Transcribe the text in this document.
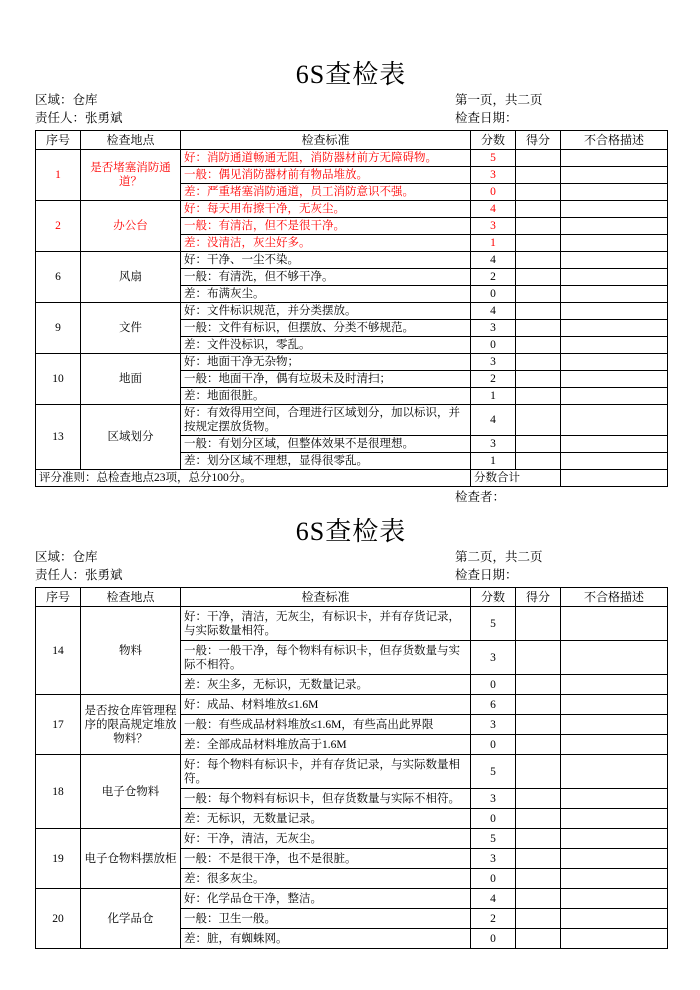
6S查检表
区域：仓库	第一页，共二页
责任人：张勇斌	检查日期：
序号	检查地点	检查标准	分数	得分	不合格描述
1	是否堵塞消防通道？	好：消防通道畅通无阻，消防器材前方无障碍物。	5		
		一般：偶见消防器材前有物品堆放。	3		
		差：严重堵塞消防通道，员工消防意识不强。	0		
2	办公台	好：每天用布擦干净，无灰尘。	4		
		一般：有清洁，但不是很干净。	3		
		差：没清洁，灰尘好多。	1		
6	风扇	好：干净、一尘不染。	4		
		一般：有清洗，但不够干净。	2		
		差：布满灰尘。	0		
9	文件	好：文件标识规范，并分类摆放。	4		
		一般：文件有标识，但摆放、分类不够规范。	3		
		差：文件没标识，零乱。	0		
10	地面	好：地面干净无杂物；	3		
		一般：地面干净，偶有垃圾未及时清扫；	2		
		差：地面很脏。	1		
13	区域划分	好：有效得用空间，合理进行区域划分，加以标识，并按规定摆放货物。	4		
		一般：有划分区域，但整体效果不是很理想。	3		
		差：划分区域不理想，显得很零乱。	1		
评分准则：总检查地点23项，总分100分。			分数合计		
检查者：
6S查检表
区域：仓库	第二页，共二页
责任人：张勇斌	检查日期：
序号	检查地点	检查标准	分数	得分	不合格描述
14	物料	好：干净，清洁，无灰尘，有标识卡，并有存货记录，与实际数量相符。	5		
		一般：一般干净，每个物料有标识卡，但存货数量与实际不相符。	3		
		差：灰尘多，无标识，无数量记录。	0		
17	是否按仓库管理程序的限高规定堆放物料？	好：成品、材料堆放≤1.6M	6		
		一般：有些成品材料堆放≤1.6M，有些高出此界限	3		
		差：全部成品材料堆放高于1.6M	0		
18	电子仓物料	好：每个物料有标识卡，并有存货记录，与实际数量相符。	5		
		一般：每个物料有标识卡，但存货数量与实际不相符。	3		
		差：无标识，无数量记录。	0		
19	电子仓物料摆放柜	好：干净，清洁，无灰尘。	5		
		一般：不是很干净，也不是很脏。	3		
		差：很多灰尘。	0		
20	化学品仓	好：化学品仓干净，整洁。	4		
		一般：卫生一般。	2		
		差：脏，有蜘蛛网。	0		
